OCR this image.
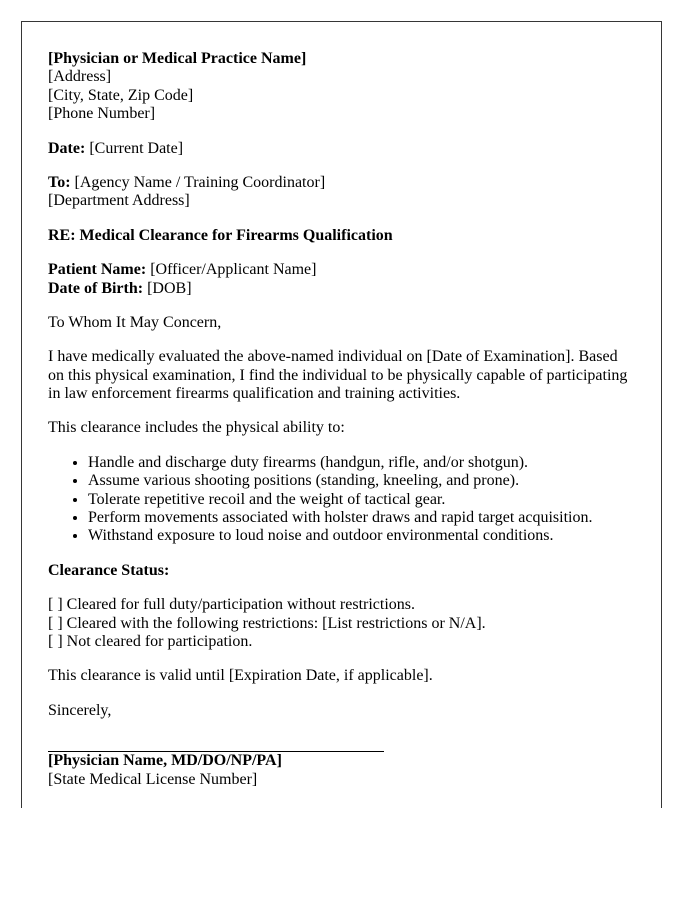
[Physician or Medical Practice Name]
[Address]
[City, State, Zip Code]
[Phone Number]
Date: [Current Date]
To: [Agency Name / Training Coordinator]
[Department Address]
RE: Medical Clearance for Firearms Qualification
Patient Name: [Officer/Applicant Name]
Date of Birth: [DOB]
To Whom It May Concern,
I have medically evaluated the above-named individual on [Date of Examination]. Based on this physical examination, I find the individual to be physically capable of participating in law enforcement firearms qualification and training activities.
This clearance includes the physical ability to:
• Handle and discharge duty firearms (handgun, rifle, and/or shotgun).
• Assume various shooting positions (standing, kneeling, and prone).
• Tolerate repetitive recoil and the weight of tactical gear.
• Perform movements associated with holster draws and rapid target acquisition.
• Withstand exposure to loud noise and outdoor environmental conditions.
Clearance Status:
[ ] Cleared for full duty/participation without restrictions.
[ ] Cleared with the following restrictions: [List restrictions or N/A].
[ ] Not cleared for participation.
This clearance is valid until [Expiration Date, if applicable].
Sincerely,
[Physician Name, MD/DO/NP/PA]
[State Medical License Number]
